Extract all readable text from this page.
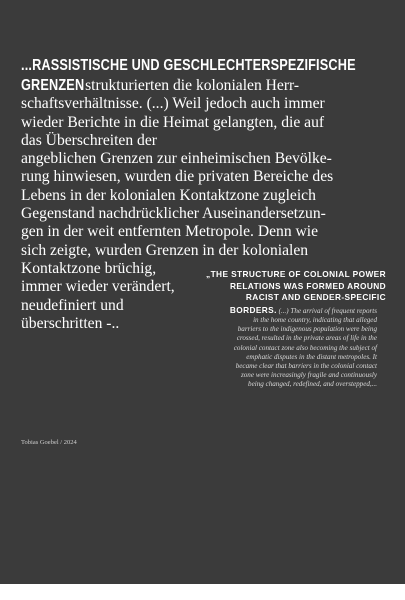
...RASSISTISCHE UND GESCHLECHTERSPEZIFISCHE
GRENZEN strukturierten die kolonialen Herr-
schaftsverhältnisse. (...) Weil jedoch auch immer
wieder Berichte in die Heimat gelangten, die auf
das Überschreiten der
angeblichen Grenzen zur einheimischen Bevölke-
rung hinwiesen, wurden die privaten Bereiche des
Lebens in der kolonialen Kontaktzone zugleich
Gegenstand nachdrücklicher Auseinandersetzun-
gen in der weit entfernten Metropole. Denn wie
sich zeigte, wurden Grenzen in der kolonialen
Kontaktzone brüchig,
immer wieder verändert,
neudefiniert und
überschritten -..
„THE STRUCTURE OF COLONIAL POWER
RELATIONS WAS FORMED AROUND
RACIST AND GENDER-SPECIFIC
BORDERS. (...) The arrival of frequent reports
in the home country, indicating that alleged
barriers to the indigenous population were being
crossed, resulted in the private areas of life in the
colonial contact zone also becoming the subject of
emphatic disputes in the distant metropoles. It
became clear that barriers in the colonial contact
zone were increasingly fragile and continuously
being changed, redefined, and overstepped,...
Tobias Goebel / 2024
